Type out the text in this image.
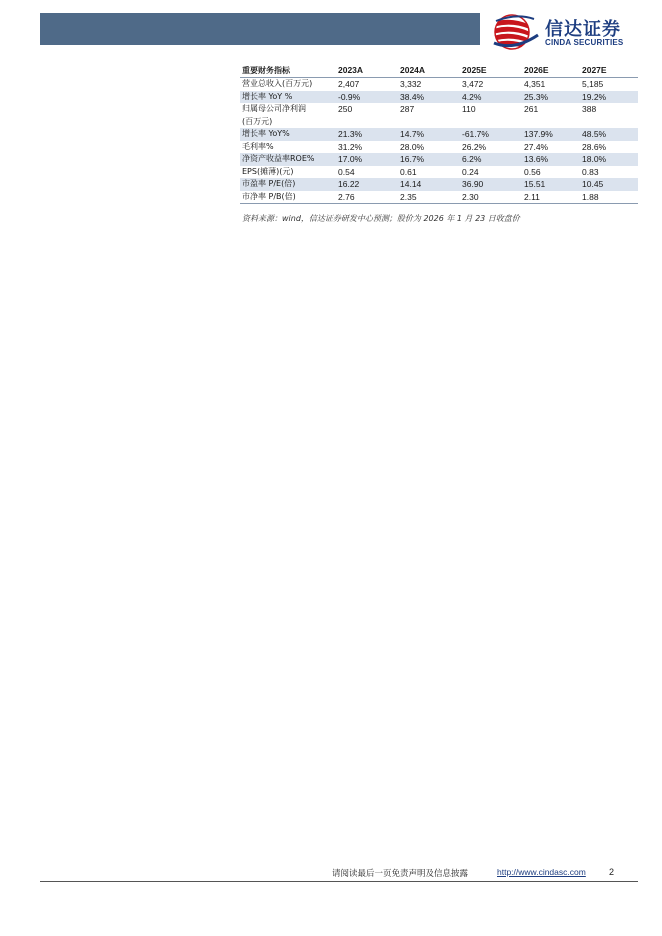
信达证券
CINDA SECURITIES
重要财务指标	2023A	2024A	2025E	2026E	2027E
营业总收入(百万元)	2,407	3,332	3,472	4,351	5,185
增长率 YoY %	-0.9%	38.4%	4.2%	25.3%	19.2%
归属母公司净利润
(百万元)	250	287	110	261	388
增长率 YoY%	21.3%	14.7%	-61.7%	137.9%	48.5%
毛利率%	31.2%	28.0%	26.2%	27.4%	28.6%
净资产收益率ROE%	17.0%	16.7%	6.2%	13.6%	18.0%
EPS(摊薄)(元)	0.54	0.61	0.24	0.56	0.83
市盈率 P/E(倍)	16.22	14.14	36.90	15.51	10.45
市净率 P/B(倍)	2.76	2.35	2.30	2.11	1.88
资料来源：wind，信达证券研发中心预测；股价为 2026 年 1 月 23 日收盘价
请阅读最后一页免责声明及信息披露	http://www.cindasc.com	2
